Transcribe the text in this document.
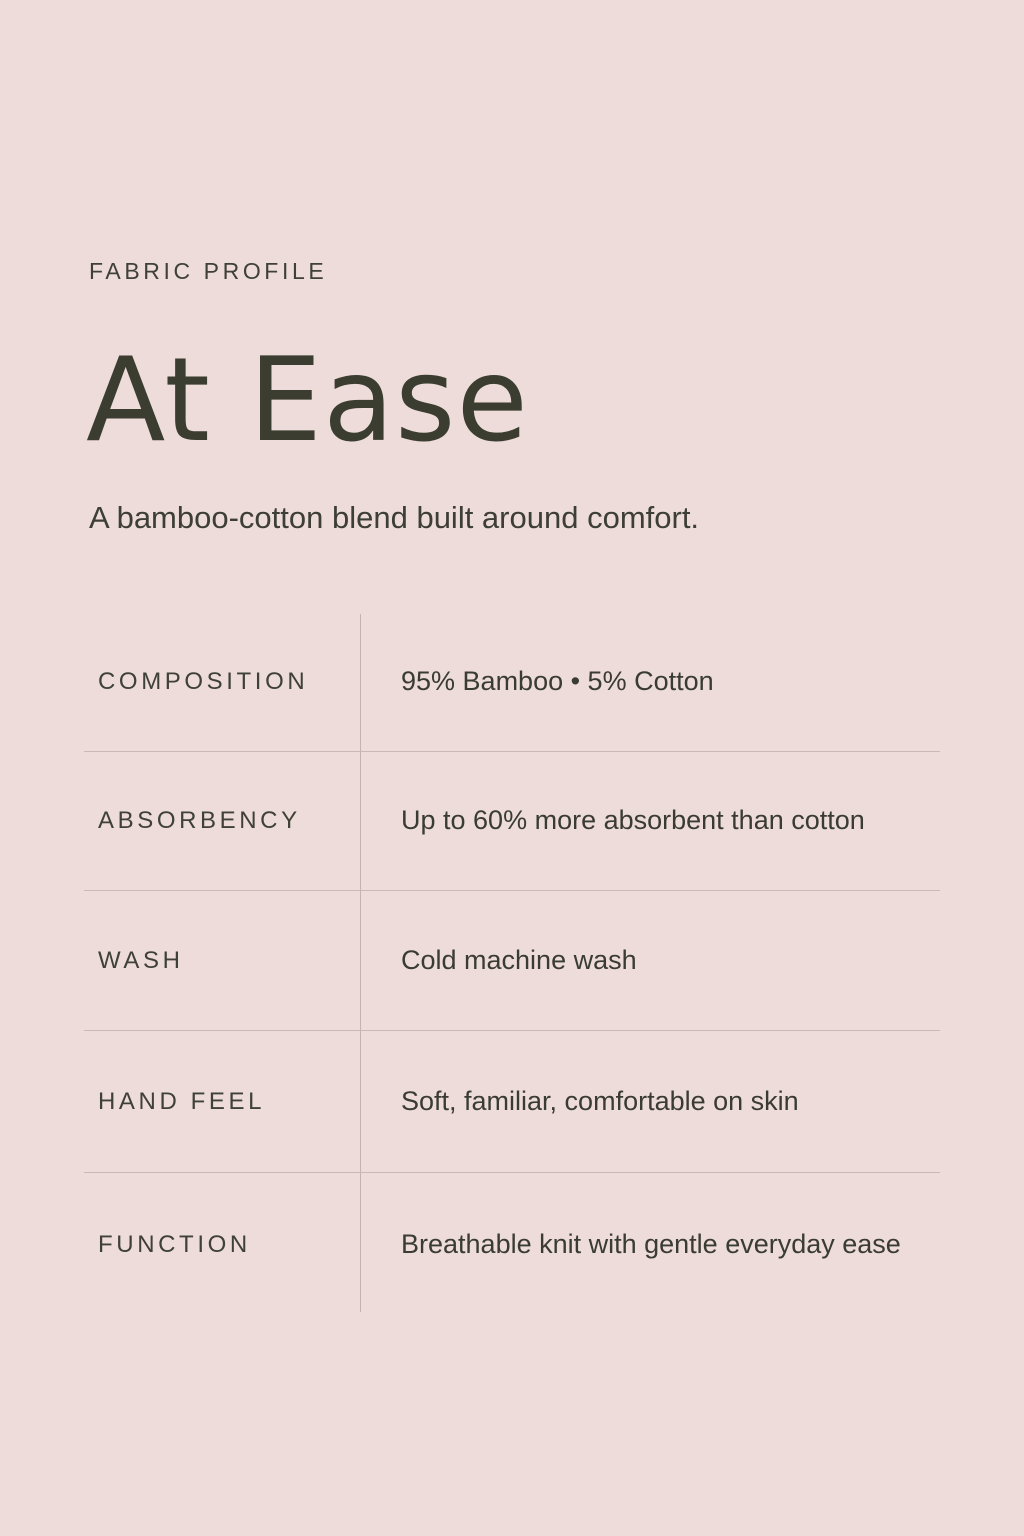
FABRIC PROFILE
At Ease
A bamboo-cotton blend built around comfort.
COMPOSITION	95% Bamboo • 5% Cotton
ABSORBENCY	Up to 60% more absorbent than cotton
WASH	Cold machine wash
HAND FEEL	Soft, familiar, comfortable on skin
FUNCTION	Breathable knit with gentle everyday ease
